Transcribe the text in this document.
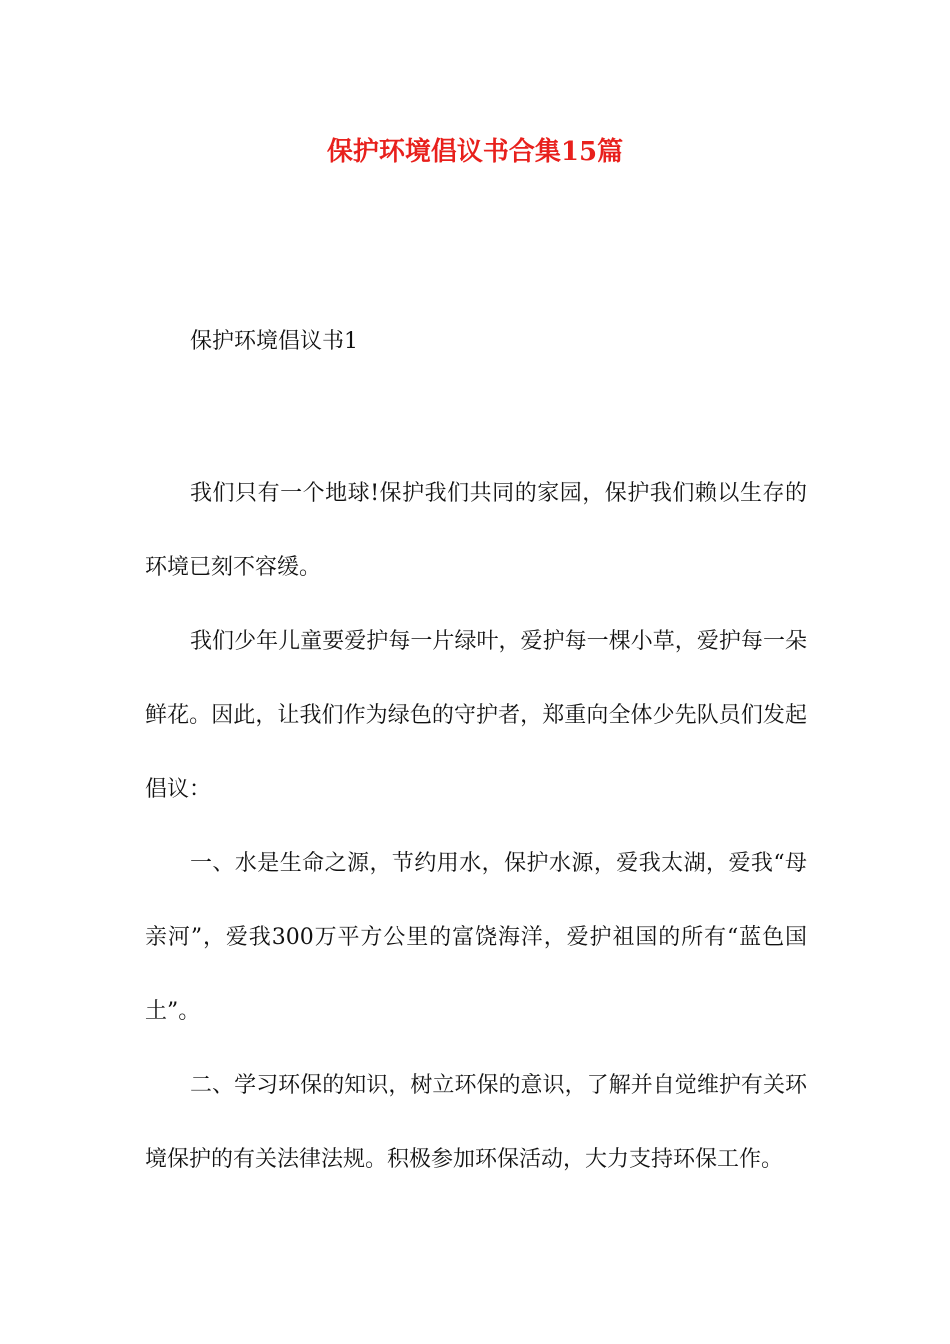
保护环境倡议书合集15篇

保护环境倡议书1

我们只有一个地球!保护我们共同的家园，保护我们赖以生存的环境已刻不容缓。

我们少年儿童要爱护每一片绿叶，爱护每一棵小草，爱护每一朵鲜花。因此，让我们作为绿色的守护者，郑重向全体少先队员们发起倡议：

一、水是生命之源，节约用水，保护水源，爱我太湖，爱我“母亲河”，爱我300万平方公里的富饶海洋，爱护祖国的所有“蓝色国土”。

二、学习环保的知识，树立环保的意识，了解并自觉维护有关环境保护的有关法律法规。积极参加环保活动，大力支持环保工作。
